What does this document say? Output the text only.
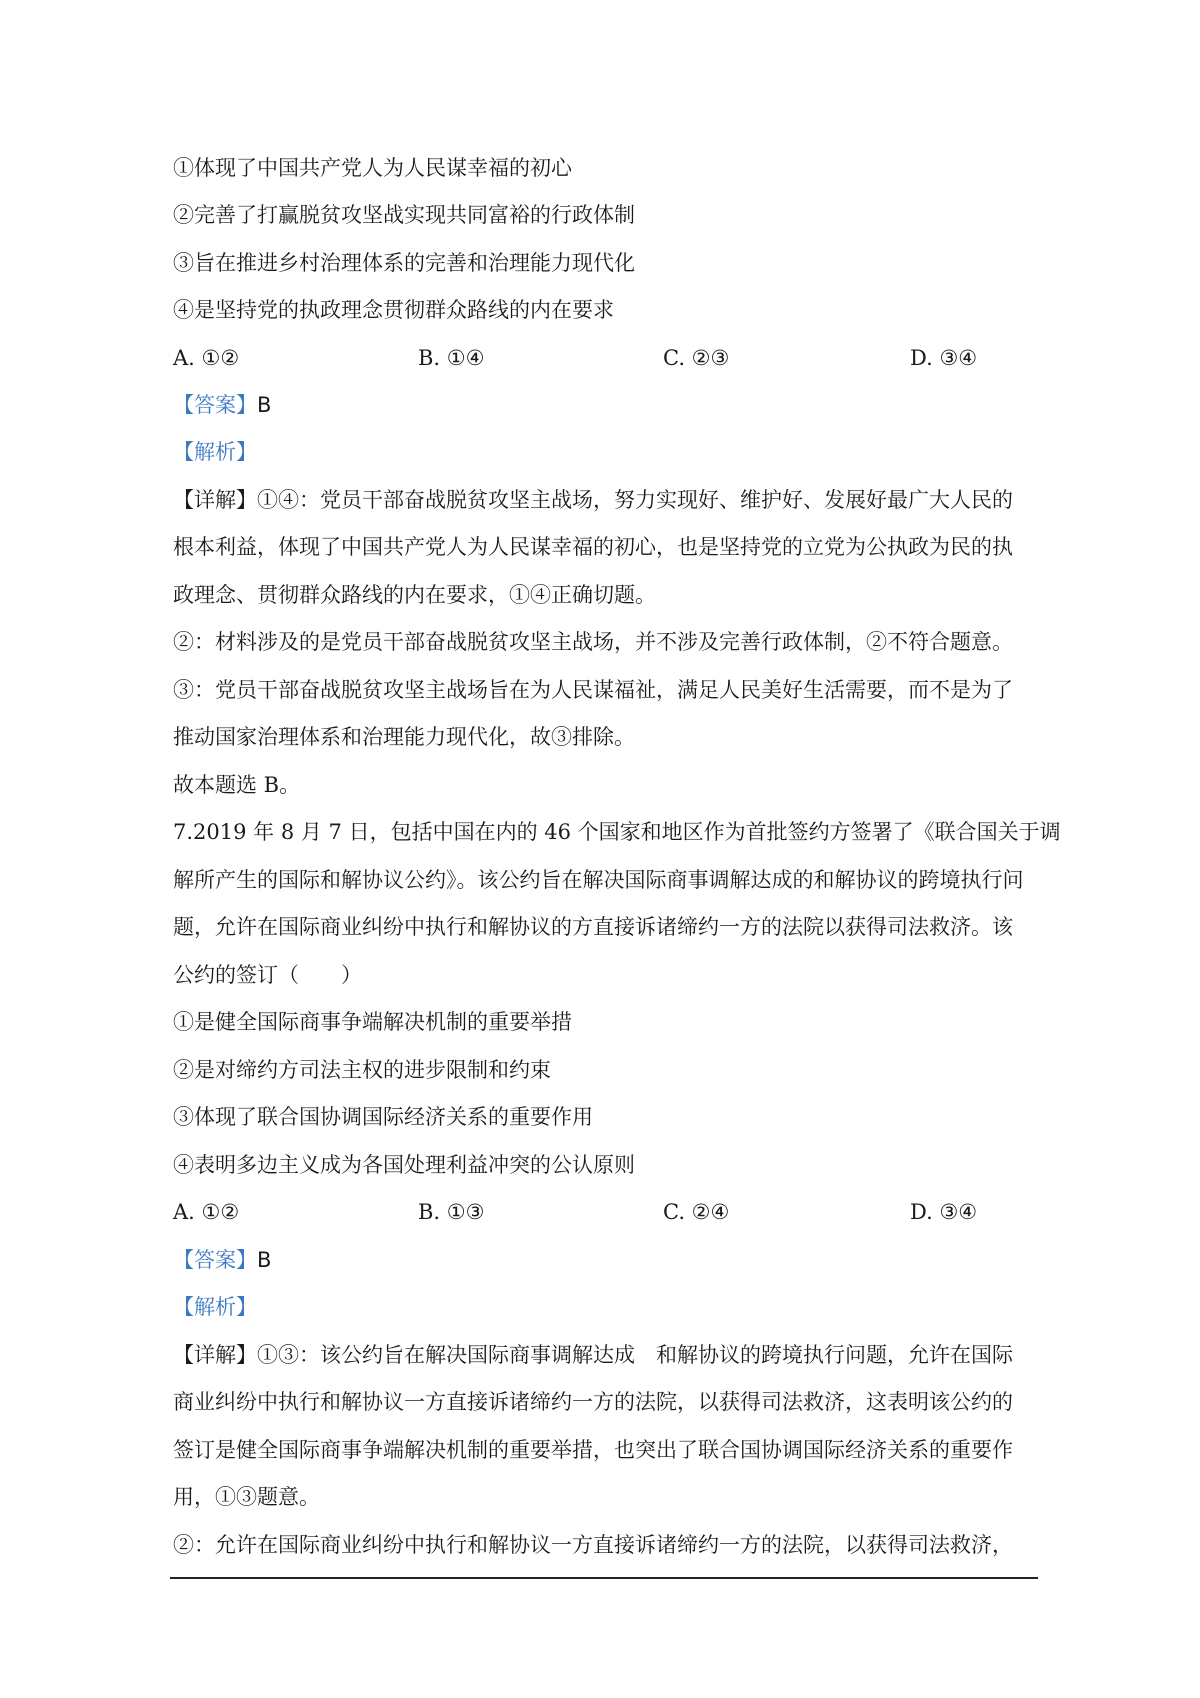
①体现了中国共产党人为人民谋幸福的初心
②完善了打赢脱贫攻坚战实现共同富裕的行政体制
③旨在推进乡村治理体系的完善和治理能力现代化
④是坚持党的执政理念贯彻群众路线的内在要求
A. ①②	B. ①④	C. ②③	D. ③④
【答案】B
【解析】
【详解】①④：党员干部奋战脱贫攻坚主战场，努力实现好、维护好、发展好最广大人民的
根本利益，体现了中国共产党人为人民谋幸福的初心，也是坚持党的立党为公执政为民的执
政理念、贯彻群众路线的内在要求，①④正确切题。
②：材料涉及的是党员干部奋战脱贫攻坚主战场，并不涉及完善行政体制，②不符合题意。
③：党员干部奋战脱贫攻坚主战场旨在为人民谋福祉，满足人民美好生活需要，而不是为了
推动国家治理体系和治理能力现代化，故③排除。
故本题选 B。
7.2019 年 8 月 7 日，包括中国在内的 46 个国家和地区作为首批签约方签署了《联合国关于调
解所产生的国际和解协议公约》。该公约旨在解决国际商事调解达成的和解协议的跨境执行问
题，允许在国际商业纠纷中执行和解协议的方直接诉诸缔约一方的法院以获得司法救济。该
公约的签订（　　）
①是健全国际商事争端解决机制的重要举措
②是对缔约方司法主权的进步限制和约束
③体现了联合国协调国际经济关系的重要作用
④表明多边主义成为各国处理利益冲突的公认原则
A. ①②	B. ①③	C. ②④	D. ③④
【答案】B
【解析】
【详解】①③：该公约旨在解决国际商事调解达成　和解协议的跨境执行问题，允许在国际
商业纠纷中执行和解协议一方直接诉诸缔约一方的法院，以获得司法救济，这表明该公约的
签订是健全国际商事争端解决机制的重要举措，也突出了联合国协调国际经济关系的重要作
用，①③题意。
②：允许在国际商业纠纷中执行和解协议一方直接诉诸缔约一方的法院，以获得司法救济，
